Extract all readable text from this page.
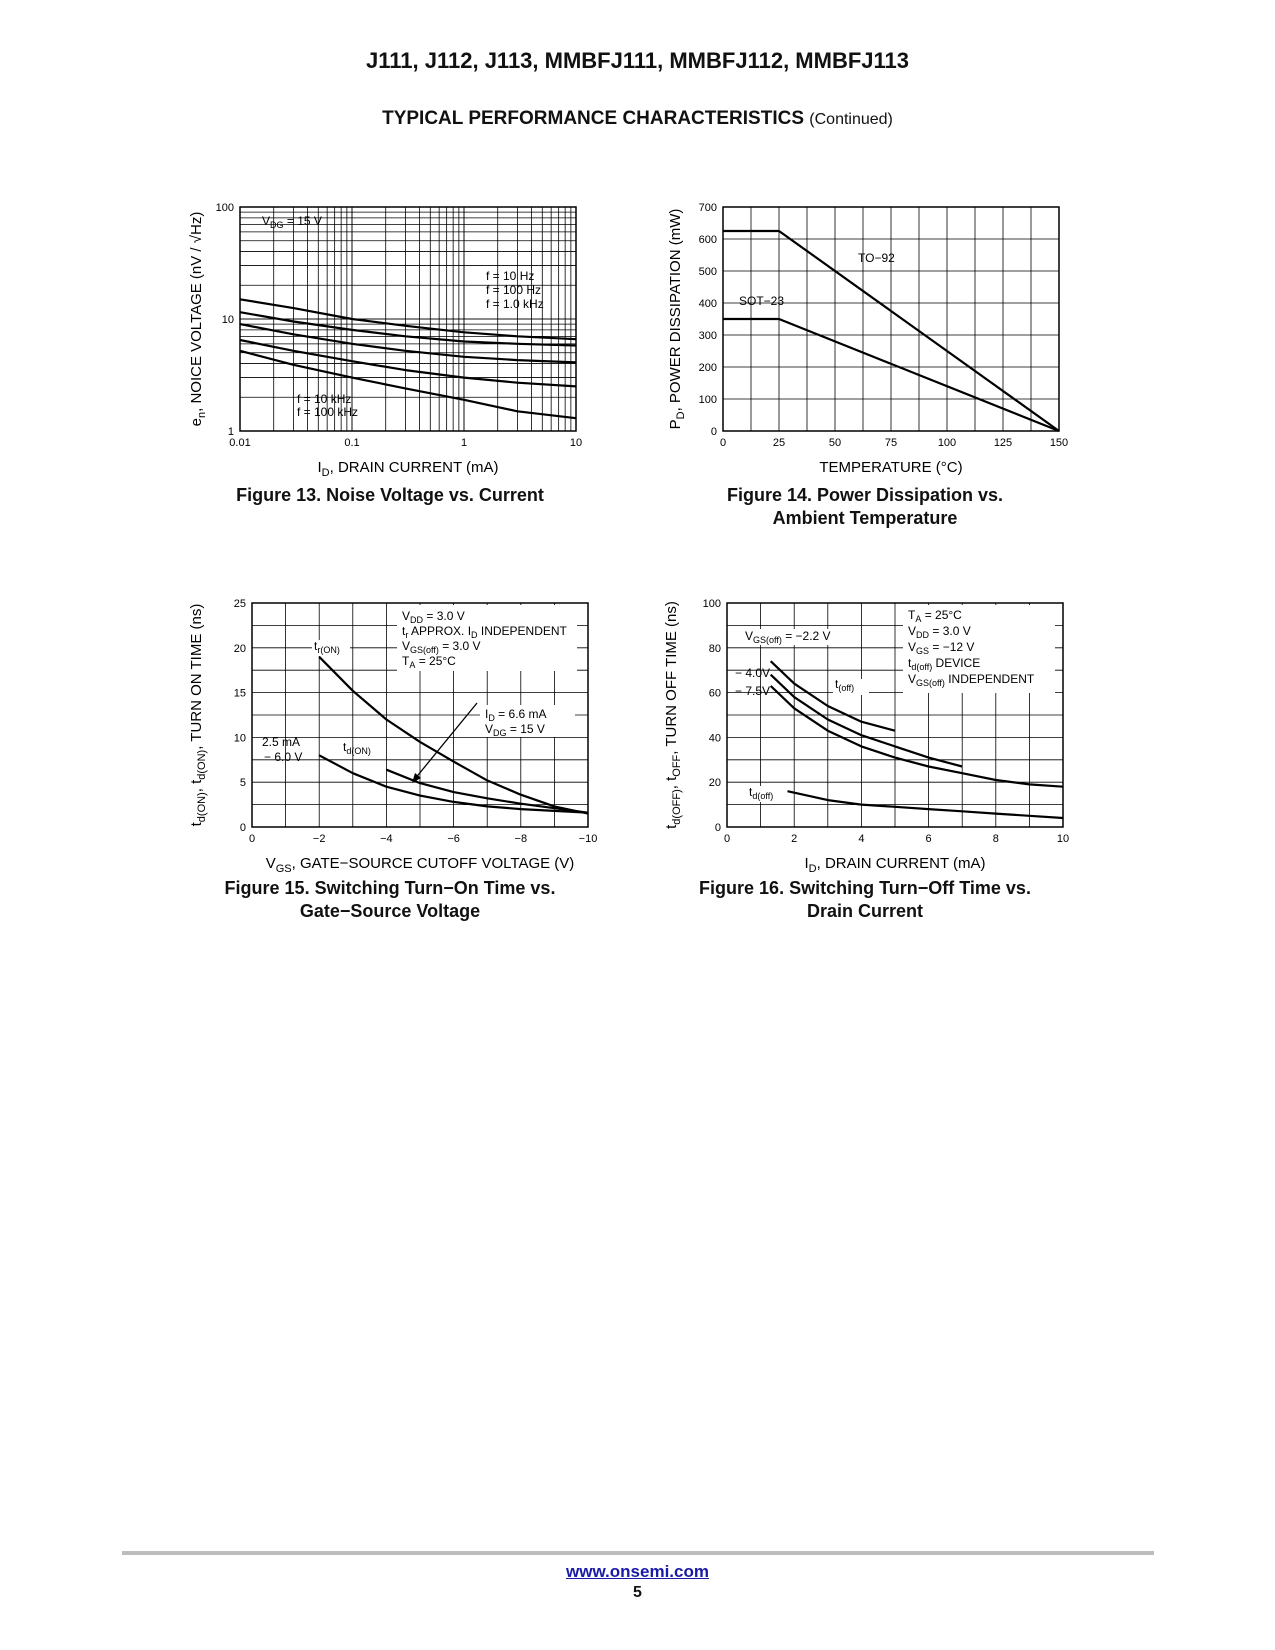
J111, J112, J113, MMBFJ111, MMBFJ112, MMBFJ113
TYPICAL PERFORMANCE CHARACTERISTICS (Continued)
0.01	0.1	1	10
1
10
100
$V_{DG} = 15$ V
f = 10 Hz
f = 100 Hz
f = 1.0 kHz
f = 10 kHz
f = 100 kHz
$I_D$, DRAIN CURRENT (mA)
$e_n$, NOICE VOLTAGE (nV / √Hz)
0	25	50	75	100	125	150
0
100
200
300
400
500
600
700
TO−92
SOT−23
TEMPERATURE (°C)
$P_D$, POWER DISSIPATION (mW)
0	−2	−4	−6	−8	−10
0
5
10
15
20
25
$V_{DD} = 3.0$ V
$t_r$ APPROX. $I_D$ INDEPENDENT
$V_{GS(off)} = 3.0$ V
$T_A = 25^\circ C$
$t_{r(ON)}$
$I_D = 6.6$ mA
$V_{DG} = 15$ V
2.5 mA
− 6.0 V
$t_{d(ON)}$
$V_{GS}$, GATE−SOURCE CUTOFF VOLTAGE (V)
$t_{d(ON)}$, $t_{d(ON)}$, TURN ON TIME (ns)
0	2	4	6	8	10
0
20
40
60
80
100
$T_A = 25^\circ C$
$V_{DD} = 3.0$ V
$V_{GS} = -12$ V
$t_{d(off)}$ DEVICE
$V_{GS(off)}$ INDEPENDENT
$V_{GS(off)} = -2.2$ V
− 4.0V
− 7.5V	$t_{(off)}$
$t_{d(off)}$
$I_D$, DRAIN CURRENT (mA)
$t_{d(OFF)}$, $t_{OFF}$, TURN OFF TIME (ns)
Figure 13. Noise Voltage vs. Current	Figure 14. Power Dissipation vs.
Ambient Temperature
Figure 15. Switching Turn−On Time vs.
Gate−Source Voltage
Figure 16. Switching Turn−Off Time vs.
Drain Current
www.onsemi.com
5
